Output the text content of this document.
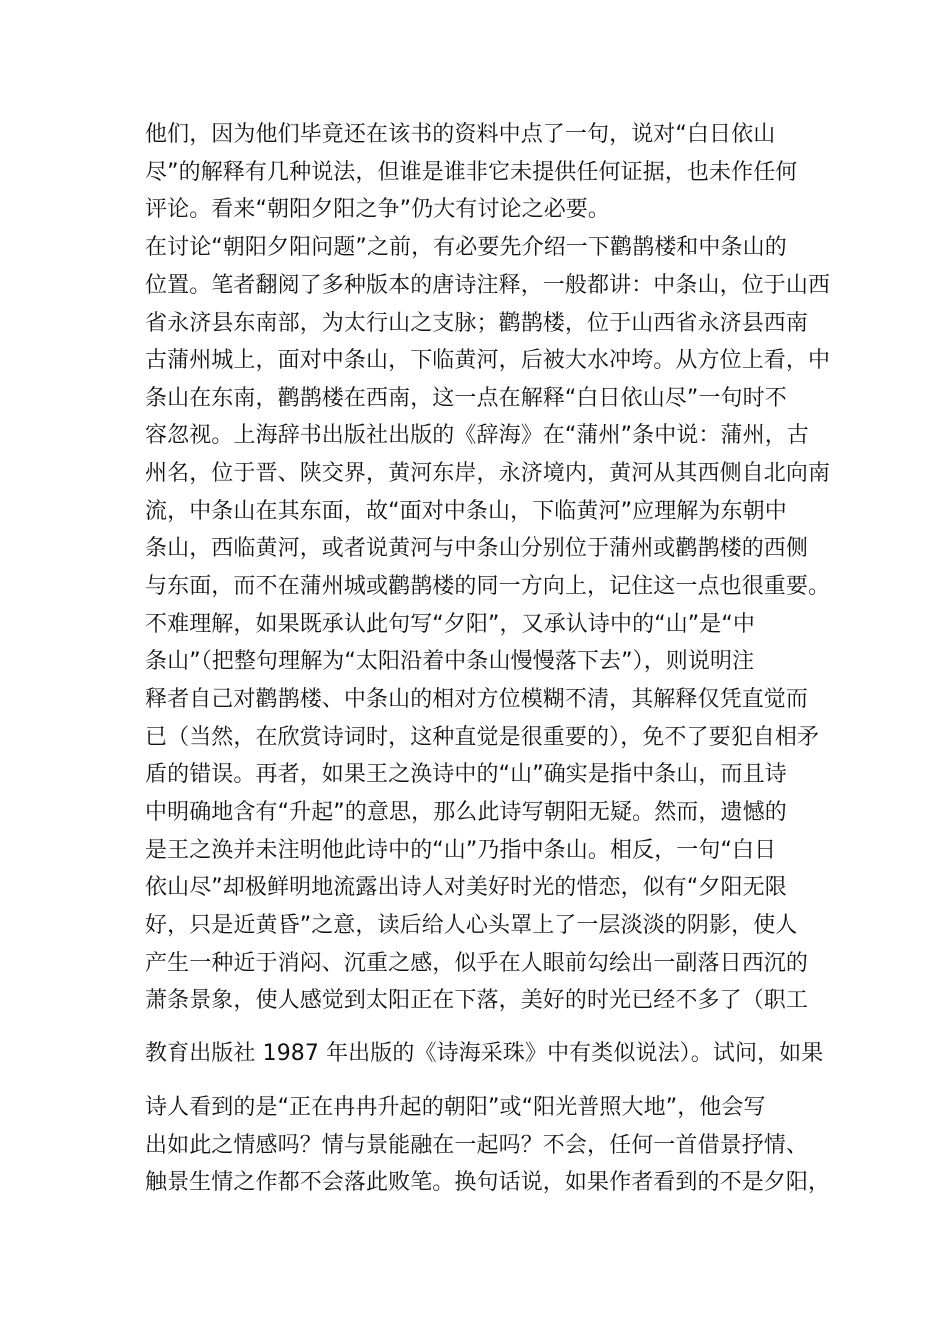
他们，因为他们毕竟还在该书的资料中点了一句，说对“白日依山
尽”的解释有几种说法，但谁是谁非它未提供任何证据，也未作任何
评论。看来“朝阳夕阳之争”仍大有讨论之必要。
在讨论“朝阳夕阳问题”之前，有必要先介绍一下鹳鹊楼和中条山的
位置。笔者翻阅了多种版本的唐诗注释，一般都讲：中条山，位于山西
省永济县东南部，为太行山之支脉；鹳鹊楼，位于山西省永济县西南
古蒲州城上，面对中条山，下临黄河，后被大水冲垮。从方位上看，中
条山在东南，鹳鹊楼在西南，这一点在解释“白日依山尽”一句时不
容忽视。上海辞书出版社出版的《辞海》在“蒲州”条中说：蒲州，古
州名，位于晋、陕交界，黄河东岸，永济境内，黄河从其西侧自北向南
流，中条山在其东面，故“面对中条山，下临黄河”应理解为东朝中
条山，西临黄河，或者说黄河与中条山分别位于蒲州或鹳鹊楼的西侧
与东面，而不在蒲州城或鹳鹊楼的同一方向上，记住这一点也很重要。
不难理解，如果既承认此句写“夕阳”，又承认诗中的“山”是“中
条山”（把整句理解为“太阳沿着中条山慢慢落下去”），则说明注
释者自己对鹳鹊楼、中条山的相对方位模糊不清，其解释仅凭直觉而
已（当然，在欣赏诗词时，这种直觉是很重要的），免不了要犯自相矛
盾的错误。再者，如果王之涣诗中的“山”确实是指中条山，而且诗
中明确地含有“升起”的意思，那么此诗写朝阳无疑。然而，遗憾的
是王之涣并未注明他此诗中的“山”乃指中条山。相反，一句“白日
依山尽”却极鲜明地流露出诗人对美好时光的惜恋，似有“夕阳无限
好，只是近黄昏”之意，读后给人心头罩上了一层淡淡的阴影，使人
产生一种近于消闷、沉重之感，似乎在人眼前勾绘出一副落日西沉的
萧条景象，使人感觉到太阳正在下落，美好的时光已经不多了（职工
教育出版社 1987 年出版的《诗海采珠》中有类似说法）。试问，如果
诗人看到的是“正在冉冉升起的朝阳”或“阳光普照大地”，他会写
出如此之情感吗？情与景能融在一起吗？不会，任何一首借景抒情、
触景生情之作都不会落此败笔。换句话说，如果作者看到的不是夕阳，
